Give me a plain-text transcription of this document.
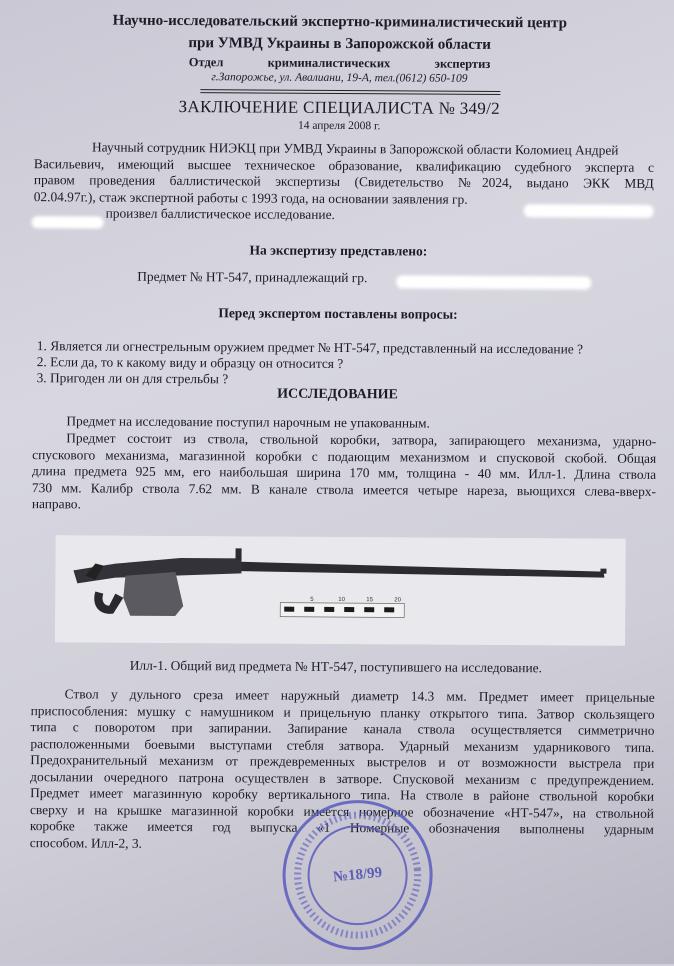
Научно-исследовательский экспертно-криминалистический центр
при УМВД Украины в Запорожской области
Отдел	криминалистических	экспертиз
г.Запорожье, ул. Авалиани, 19-А, тел.(0612) 650-109
ЗАКЛЮЧЕНИЕ СПЕЦИАЛИСТА № 349/2
14 апреля 2008 г.
Научный сотрудник НИЭКЦ при УМВД Украины в Запорожской области Коломиец Андрей
Васильевич, имеющий высшее техническое образование, квалификацию судебного эксперта с
правом проведения баллистической экспертизы (Свидетельство №2024, выдано ЭКК МВД
02.04.97г.), стаж экспертной работы с 1993 года, на основании заявления гр.
произвел баллистическое исследование.
На экспертизу представлено:
Предмет № НТ-547, принадлежащий гр.
Перед экспертом поставлены вопросы:
1. Является ли огнестрельным оружием предмет № НТ-547, представленный на исследование ?
2. Если да, то к какому виду и образцу он относится ?
3. Пригоден ли он для стрельбы ?
ИССЛЕДОВАНИЕ
Предмет на исследование поступил нарочным не упакованным.
Предмет состоит из ствола, ствольной коробки, затвора, запирающего механизма, ударно-
спускового механизма, магазинной коробки с подающим механизмом и спусковой скобой. Общая
длина предмета 925 мм, его наибольшая ширина 170 мм, толщина - 40 мм. Илл-1. Длина ствола
730 мм. Калибр ствола 7.62 мм. В канале ствола имеется четыре нареза, вьющихся слева-вверх-
направо.
5	10	15	20
Илл-1. Общий вид предмета № НТ-547, поступившего на исследование.
Ствол у дульного среза имеет наружный диаметр 14.3 мм. Предмет имеет прицельные
приспособления: мушку с намушником и прицельную планку открытого типа. Затвор скользящего
типа с поворотом при запирании. Запирание канала ствола осуществляется симметрично
расположенными боевыми выступами стебля затвора. Ударный механизм ударникового типа.
Предохранительный механизм от преждевременных выстрелов и от возможности выстрела при
досылании очередного патрона осуществлен в затворе. Спусковой механизм с предупреждением.
Предмет имеет магазинную коробку вертикального типа. На стволе в районе ствольной коробки
сверху и на крышке магазинной коробки имеется номерное обозначение «НТ-547», на ствольной
коробке также имеется год выпуска «1 Номерные обозначения выполнены ударным
способом. Илл-2, 3.
№18/99
